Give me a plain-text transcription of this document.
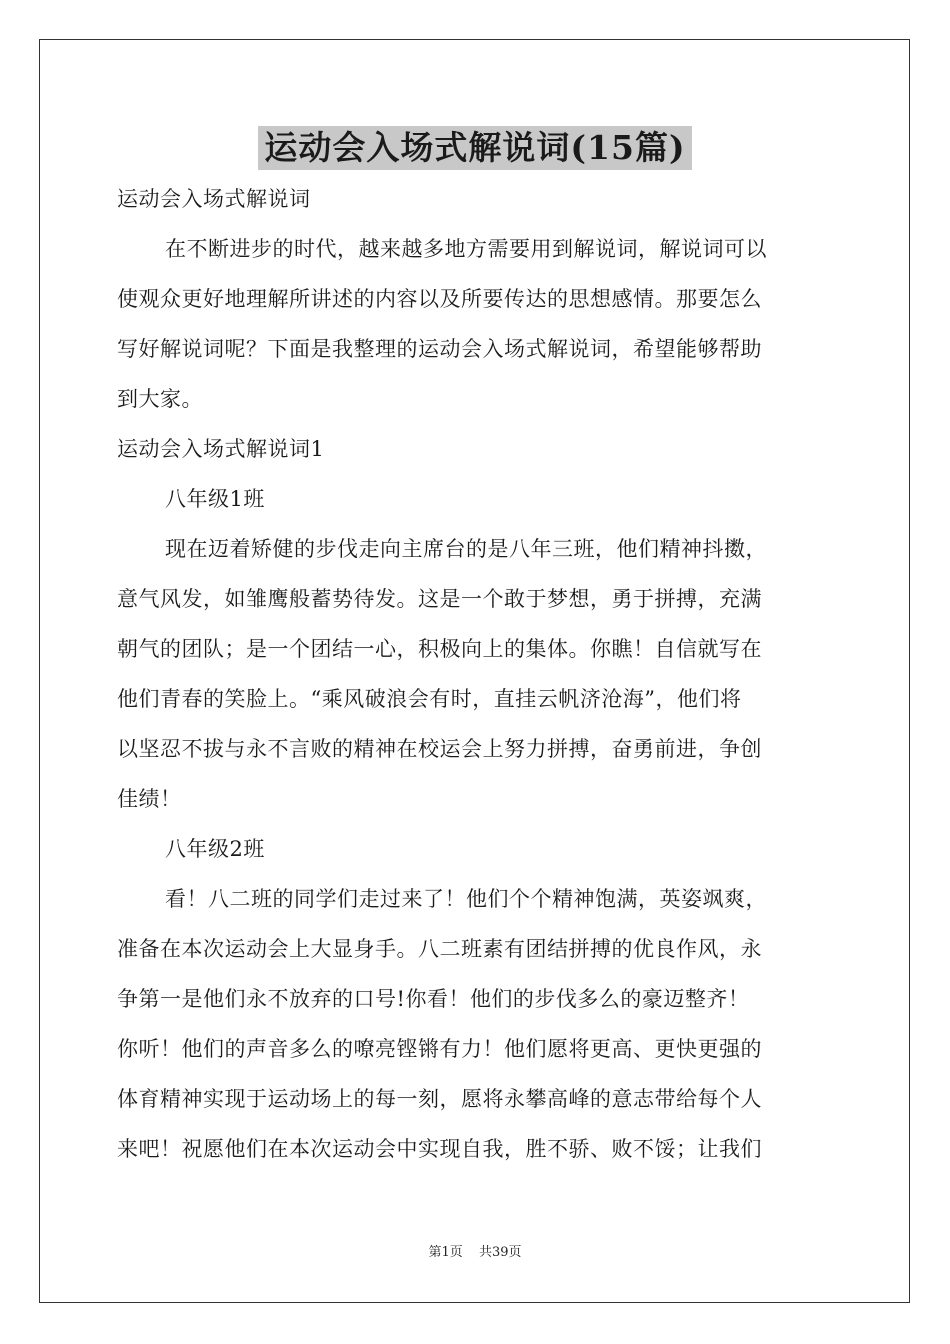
运动会入场式解说词(15篇)
运动会入场式解说词
在不断进步的时代，越来越多地方需要用到解说词，解说词可以
使观众更好地理解所讲述的内容以及所要传达的思想感情。那要怎么
写好解说词呢？下面是我整理的运动会入场式解说词，希望能够帮助
到大家。
运动会入场式解说词1
八年级1班
现在迈着矫健的步伐走向主席台的是八年三班，他们精神抖擞，
意气风发，如雏鹰般蓄势待发。这是一个敢于梦想，勇于拼搏，充满
朝气的团队；是一个团结一心，积极向上的集体。你瞧！自信就写在
他们青春的笑脸上。“乘风破浪会有时，直挂云帆济沧海”，他们将
以坚忍不拔与永不言败的精神在校运会上努力拼搏，奋勇前进，争创
佳绩！
八年级2班
看！八二班的同学们走过来了！他们个个精神饱满，英姿飒爽，
准备在本次运动会上大显身手。八二班素有团结拼搏的优良作风，永
争第一是他们永不放弃的口号!你看！他们的步伐多么的豪迈整齐！
你听！他们的声音多么的嘹亮铿锵有力！他们愿将更高、更快更强的
体育精神实现于运动场上的每一刻，愿将永攀高峰的意志带给每个人
来吧！祝愿他们在本次运动会中实现自我，胜不骄、败不馁；让我们
第1页 共39页
